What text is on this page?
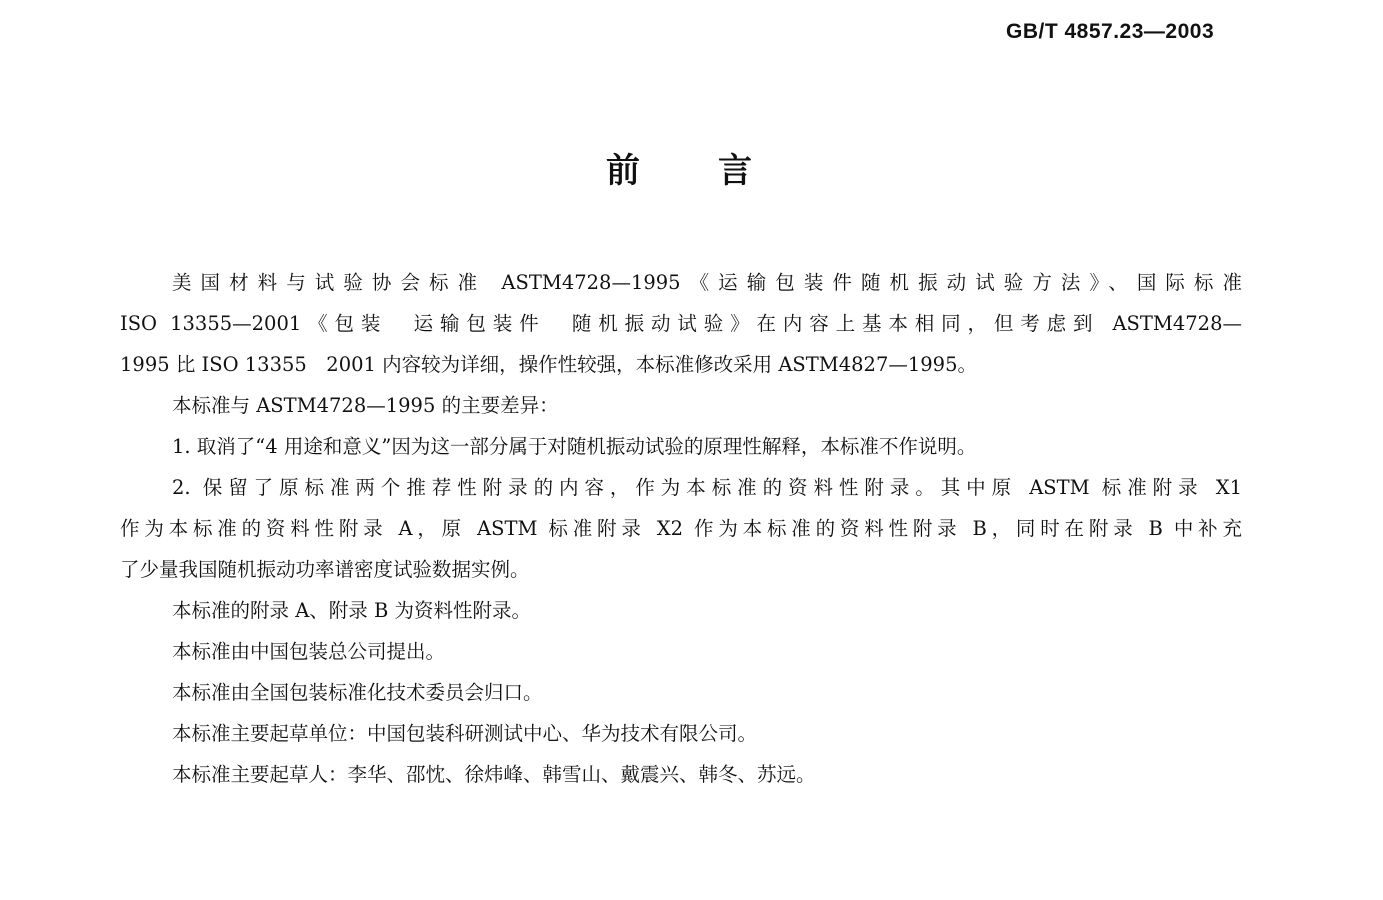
GB/T 4857.23—2003
前 言
美国材料与试验协会标准 ASTM4728—1995《运输包装件随机振动试验方法》、国际标准
ISO 13355—2001《包装　运输包装件　随机振动试验》在内容上基本相同，但考虑到 ASTM4728—
1995 比 ISO 13355　2001 内容较为详细，操作性较强，本标准修改采用 ASTM4827—1995。

本标准与 ASTM4728—1995 的主要差异：

1. 取消了“4 用途和意义”因为这一部分属于对随机振动试验的原理性解释，本标准不作说明。

2. 保留了原标准两个推荐性附录的内容，作为本标准的资料性附录。其中原 ASTM 标准附录 X1
作为本标准的资料性附录 A，原 ASTM 标准附录 X2 作为本标准的资料性附录 B，同时在附录 B 中补充
了少量我国随机振动功率谱密度试验数据实例。

本标准的附录 A、附录 B 为资料性附录。

本标准由中国包装总公司提出。

本标准由全国包装标准化技术委员会归口。

本标准主要起草单位：中国包装科研测试中心、华为技术有限公司。

本标准主要起草人：李华、邵忱、徐炜峰、韩雪山、戴震兴、韩冬、苏远。
